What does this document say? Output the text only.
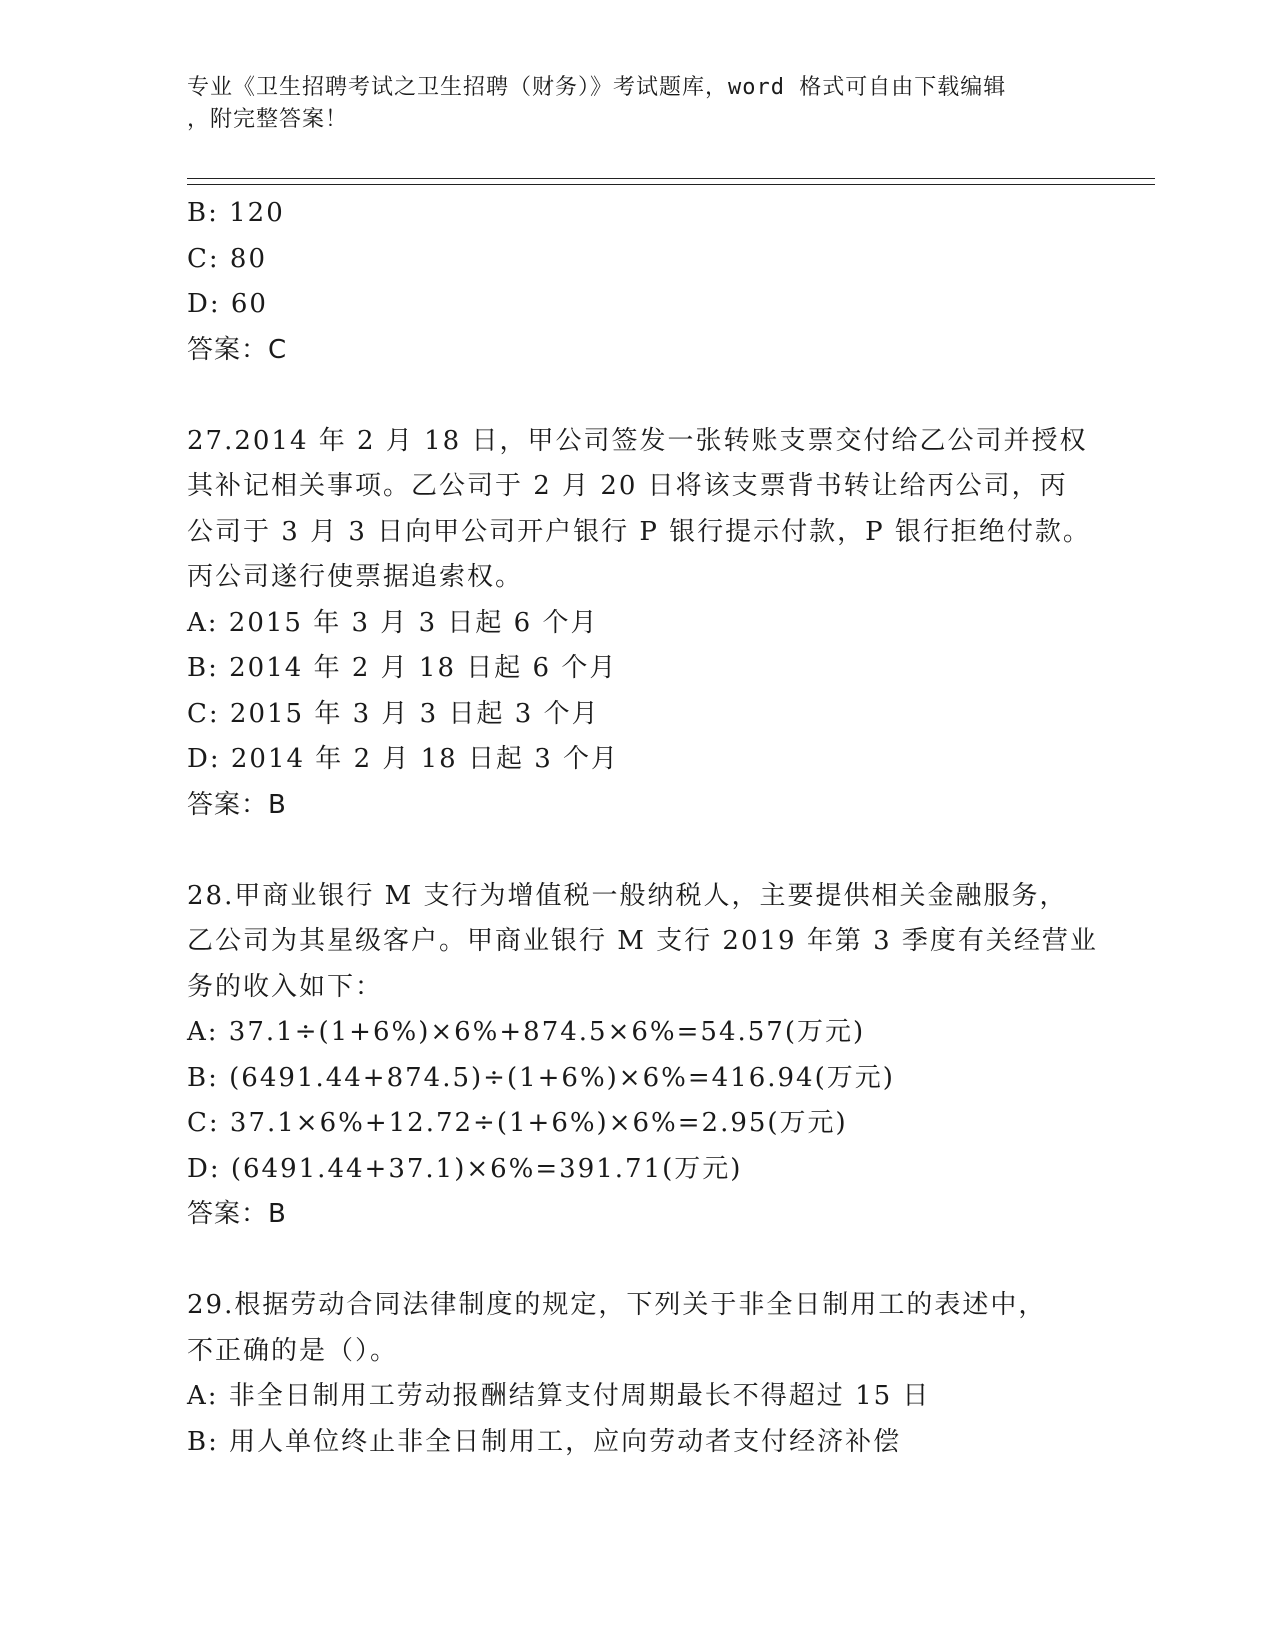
专业《卫生招聘考试之卫生招聘（财务）》考试题库，word 格式可自由下载编辑
，附完整答案！
B: 120
C: 80
D: 60
答案：C
27.2014 年 2 月 18 日，甲公司签发一张转账支票交付给乙公司并授权
其补记相关事项。乙公司于 2 月 20 日将该支票背书转让给丙公司，丙
公司于 3 月 3 日向甲公司开户银行 P 银行提示付款，P 银行拒绝付款。
丙公司遂行使票据追索权。
A: 2015 年 3 月 3 日起 6 个月
B: 2014 年 2 月 18 日起 6 个月
C: 2015 年 3 月 3 日起 3 个月
D: 2014 年 2 月 18 日起 3 个月
答案：B
28.甲商业银行 M 支行为增值税一般纳税人，主要提供相关金融服务，
乙公司为其星级客户。甲商业银行 M 支行 2019 年第 3 季度有关经营业
务的收入如下：
A: 37.1÷(1+6%)×6%+874.5×6%=54.57(万元)
B: (6491.44+874.5)÷(1+6%)×6%=416.94(万元)
C: 37.1×6%+12.72÷(1+6%)×6%=2.95(万元)
D: (6491.44+37.1)×6%=391.71(万元)
答案：B
29.根据劳动合同法律制度的规定，下列关于非全日制用工的表述中，
不正确的是（）。
A: 非全日制用工劳动报酬结算支付周期最长不得超过 15 日
B: 用人单位终止非全日制用工，应向劳动者支付经济补偿
